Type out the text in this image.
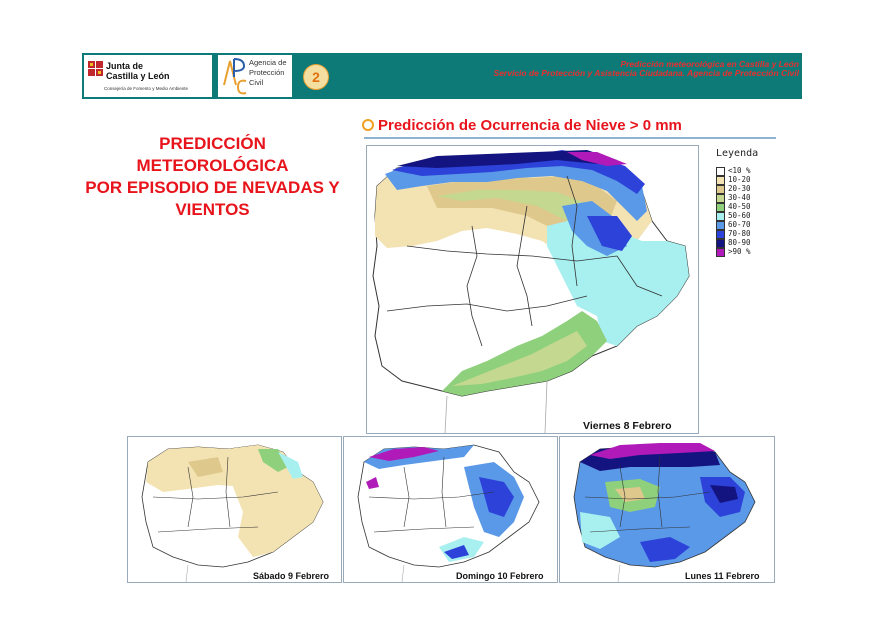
Junta de
Castilla y León
Consejería de Fomento y Medio Ambiente
Agencia de
Protección
Civil	2
Predicción meteorológica en Castilla y León
Servicio de Protección y Asistencia Ciudadana. Agencia de Protección Civil
PREDICCIÓN
METEOROLÓGICA
POR EPISODIO DE NEVADAS Y
VIENTOS
Predicción de Ocurrencia de Nieve > 0 mm
Leyenda
<10 %
10-20
20-30
30-40
40-50
50-60
60-70
70-80
80-90
>90 %
Viernes 8 Febrero
Sábado 9 Febrero	Domingo 10 Febrero	Lunes 11 Febrero
